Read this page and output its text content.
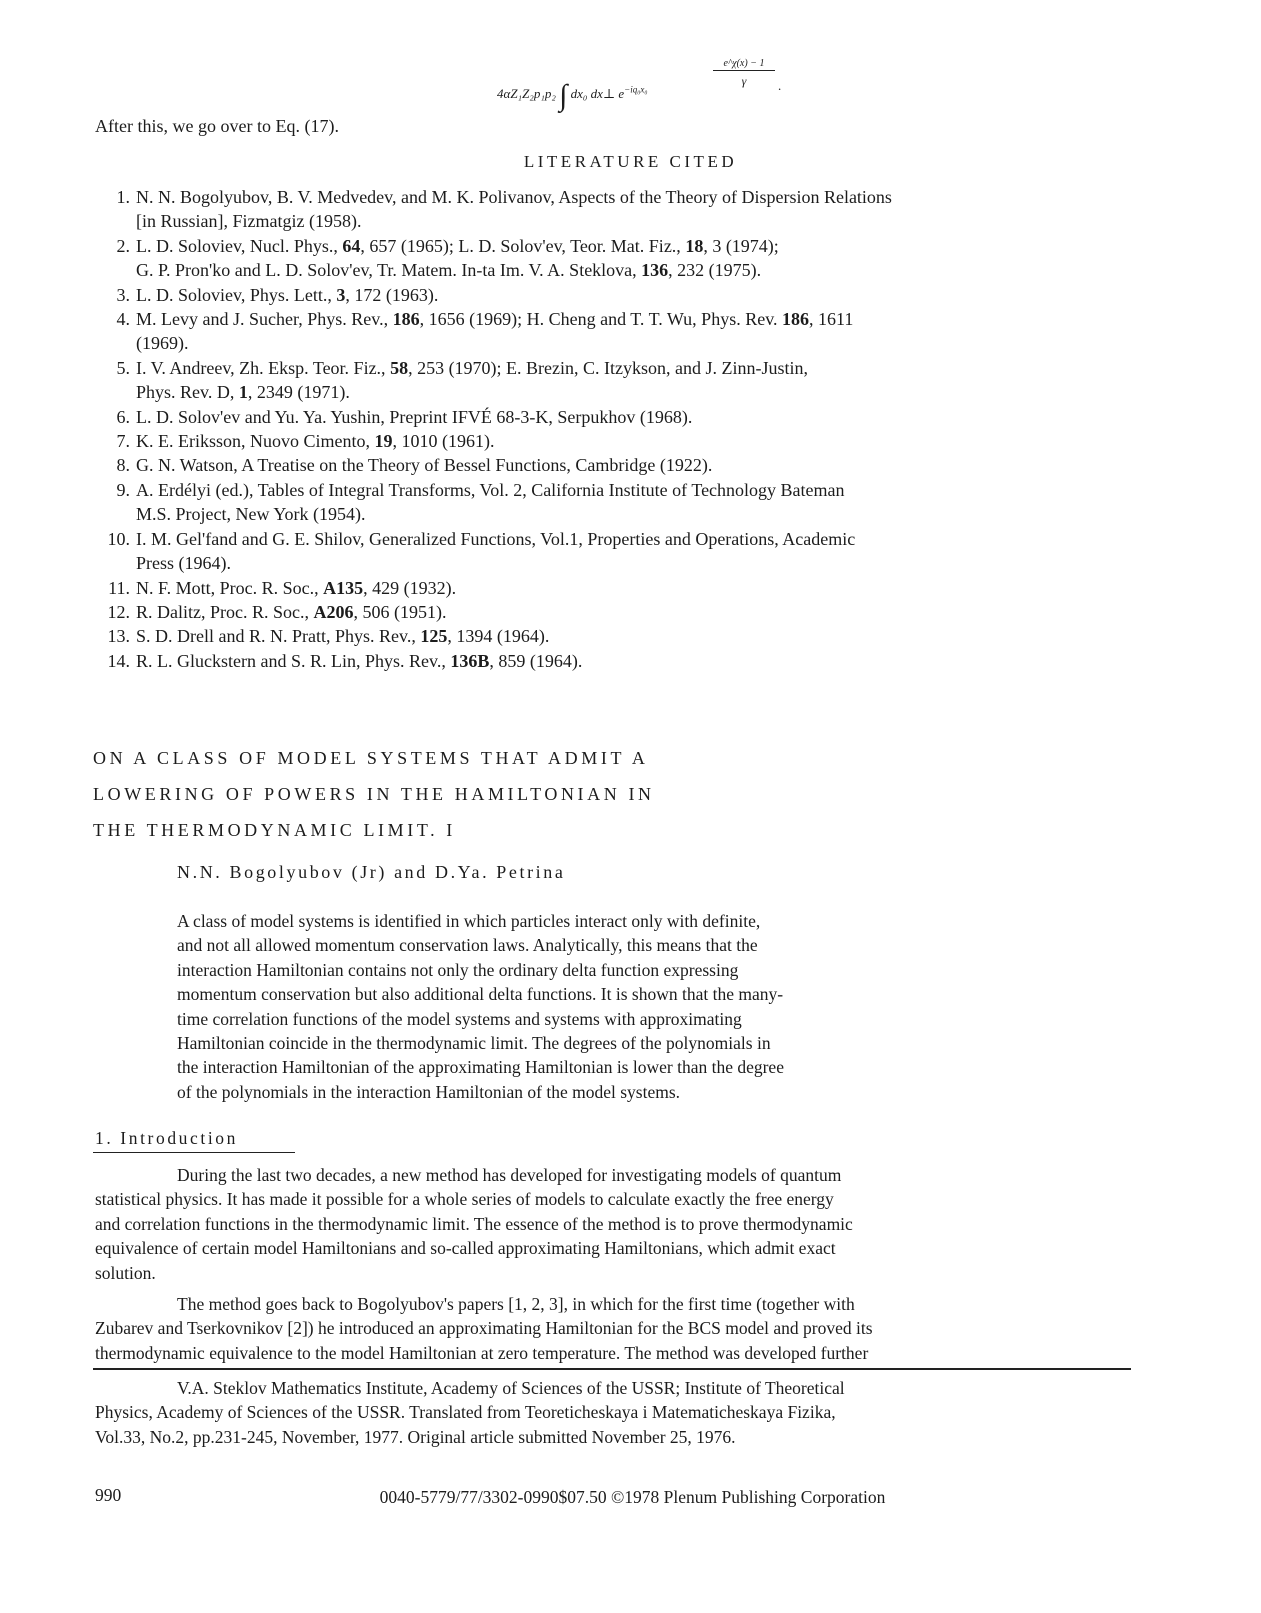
4αZ₁Z₂p₁p₂ ∫ dx₀ dx⊥ $e^{-iq_0x_0}$
e^χ(x) − 1
γ	.
After this, we go over to Eq. (17).
LITERATURE CITED
1. N. N. Bogolyubov, B. V. Medvedev, and M. K. Polivanov, Aspects of the Theory of Dispersion Relations
[in Russian], Fizmatgiz (1958).
2. L. D. Soloviev, Nucl. Phys., 64, 657 (1965); L. D. Solov'ev, Teor. Mat. Fiz., 18, 3 (1974);
G. P. Pron'ko and L. D. Solov'ev, Tr. Matem. In-ta Im. V. A. Steklova, 136, 232 (1975).
3. L. D. Soloviev, Phys. Lett., 3, 172 (1963).
4. M. Levy and J. Sucher, Phys. Rev., 186, 1656 (1969); H. Cheng and T. T. Wu, Phys. Rev. 186, 1611
(1969).
5. I. V. Andreev, Zh. Eksp. Teor. Fiz., 58, 253 (1970); E. Brezin, C. Itzykson, and J. Zinn-Justin,
Phys. Rev. D, 1, 2349 (1971).
6. L. D. Solov'ev and Yu. Ya. Yushin, Preprint IFVÉ 68-3-K, Serpukhov (1968).
7. K. E. Eriksson, Nuovo Cimento, 19, 1010 (1961).
8. G. N. Watson, A Treatise on the Theory of Bessel Functions, Cambridge (1922).
9. A. Erdélyi (ed.), Tables of Integral Transforms, Vol. 2, California Institute of Technology Bateman
M.S. Project, New York (1954).
10. I. M. Gel'fand and G. E. Shilov, Generalized Functions, Vol.1, Properties and Operations, Academic
Press (1964).
11. N. F. Mott, Proc. R. Soc., A135, 429 (1932).
12. R. Dalitz, Proc. R. Soc., A206, 506 (1951).
13. S. D. Drell and R. N. Pratt, Phys. Rev., 125, 1394 (1964).
14. R. L. Gluckstern and S. R. Lin, Phys. Rev., 136B, 859 (1964).
ON A CLASS OF MODEL SYSTEMS THAT ADMIT A
LOWERING OF POWERS IN THE HAMILTONIAN IN
THE THERMODYNAMIC LIMIT. I
N.N. Bogolyubov (Jr) and D.Ya. Petrina
A class of model systems is identified in which particles interact only with definite,
and not all allowed momentum conservation laws. Analytically, this means that the
interaction Hamiltonian contains not only the ordinary delta function expressing
momentum conservation but also additional delta functions. It is shown that the many-
time correlation functions of the model systems and systems with approximating
Hamiltonian coincide in the thermodynamic limit. The degrees of the polynomials in
the interaction Hamiltonian of the approximating Hamiltonian is lower than the degree
of the polynomials in the interaction Hamiltonian of the model systems.
1. Introduction

During the last two decades, a new method has developed for investigating models of quantum
statistical physics. It has made it possible for a whole series of models to calculate exactly the free energy
and correlation functions in the thermodynamic limit. The essence of the method is to prove thermodynamic
equivalence of certain model Hamiltonians and so-called approximating Hamiltonians, which admit exact
solution.

The method goes back to Bogolyubov's papers [1, 2, 3], in which for the first time (together with
Zubarev and Tserkovnikov [2]) he introduced an approximating Hamiltonian for the BCS model and proved its
thermodynamic equivalence to the model Hamiltonian at zero temperature. The method was developed further

V.A. Steklov Mathematics Institute, Academy of Sciences of the USSR; Institute of Theoretical
Physics, Academy of Sciences of the USSR. Translated from Teoreticheskaya i Matematicheskaya Fizika,
Vol.33, No.2, pp.231-245, November, 1977. Original article submitted November 25, 1976.

990	0040-5779/77/3302-0990$07.50 ©1978 Plenum Publishing Corporation
